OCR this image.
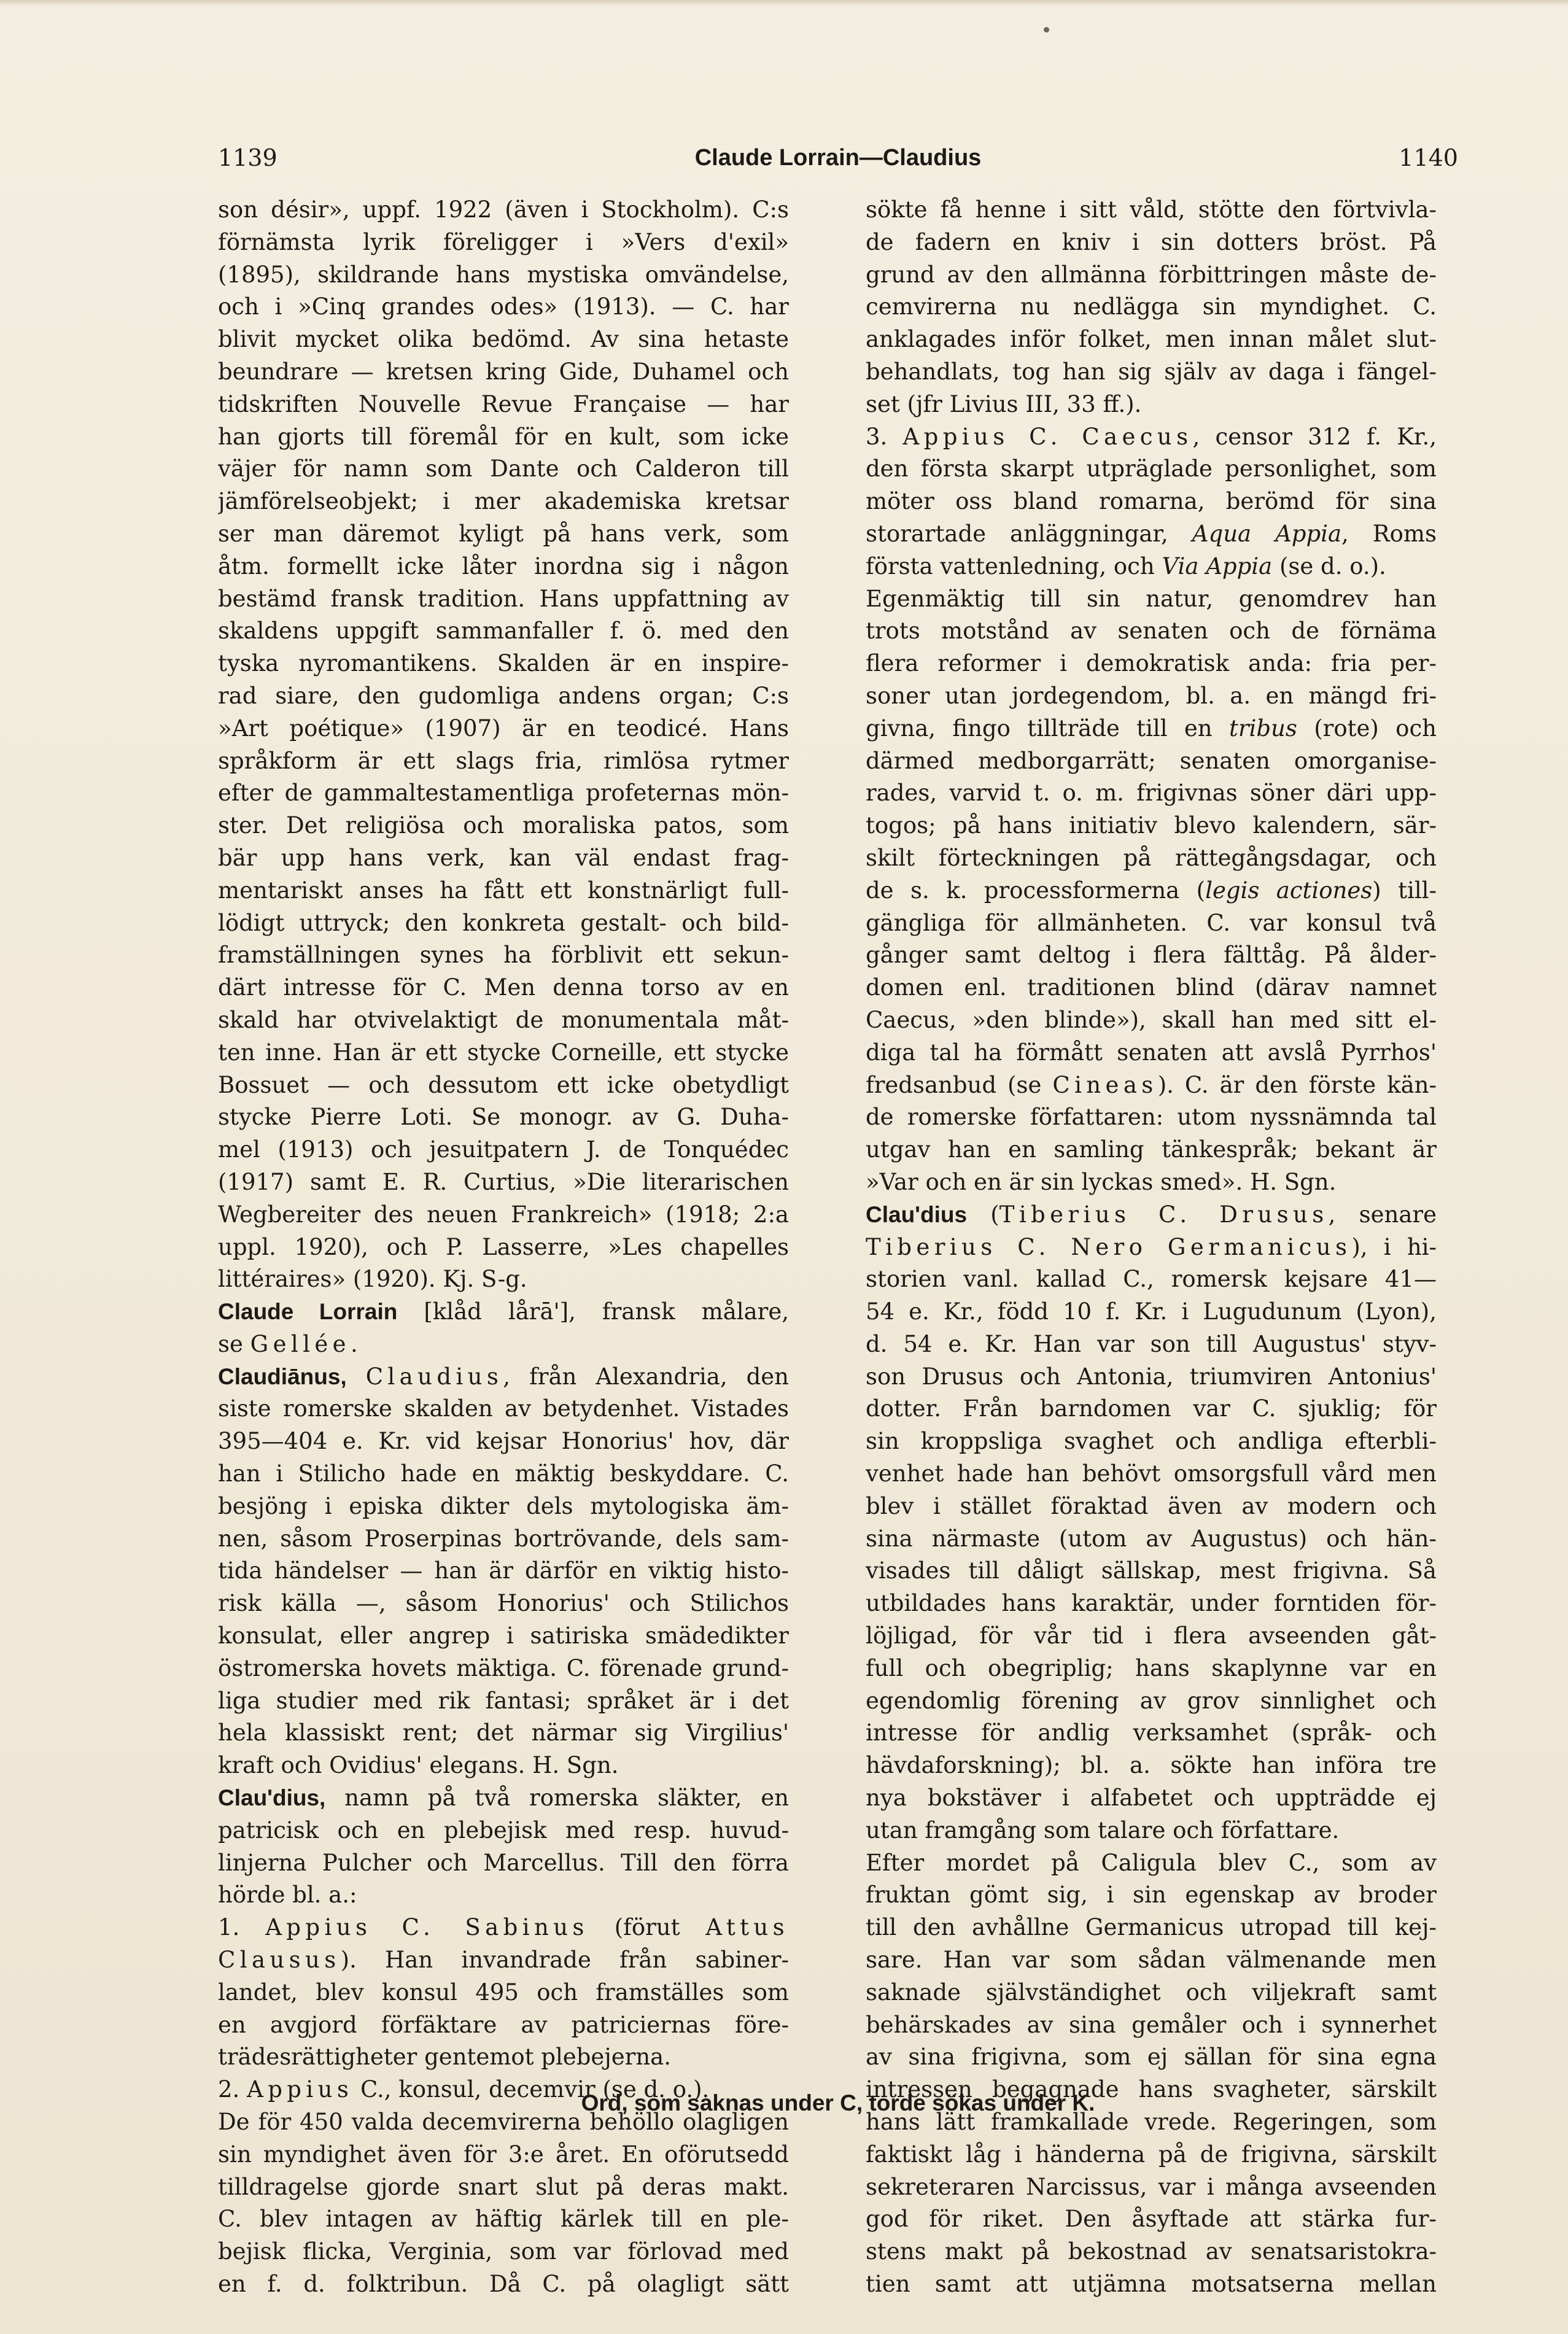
Claude Lorrain—Claudius
1139	1140
son désir», uppf. 1922 (även i Stockholm). C:s
förnämsta lyrik föreligger i »Vers d'exil»
(1895), skildrande hans mystiska omvändelse,
och i »Cinq grandes odes» (1913). — C. har
blivit mycket olika bedömd. Av sina hetaste
beundrare — kretsen kring Gide, Duhamel och
tidskriften Nouvelle Revue Française — har
han gjorts till föremål för en kult, som icke
väjer för namn som Dante och Calderon till
jämförelseobjekt; i mer akademiska kretsar
ser man däremot kyligt på hans verk, som
åtm. formellt icke låter inordna sig i någon
bestämd fransk tradition. Hans uppfattning av
skaldens uppgift sammanfaller f. ö. med den
tyska nyromantikens. Skalden är en inspire-
rad siare, den gudomliga andens organ; C:s
»Art poétique» (1907) är en teodicé. Hans
språkform är ett slags fria, rimlösa rytmer
efter de gammaltestamentliga profeternas mön-
ster. Det religiösa och moraliska patos, som
bär upp hans verk, kan väl endast frag-
mentariskt anses ha fått ett konstnärligt full-
lödigt uttryck; den konkreta gestalt- och bild-
framställningen synes ha förblivit ett sekun-
därt intresse för C. Men denna torso av en
skald har otvivelaktigt de monumentala måt-
ten inne. Han är ett stycke Corneille, ett stycke
Bossuet — och dessutom ett icke obetydligt
stycke Pierre Loti. Se monogr. av G. Duha-
mel (1913) och jesuitpatern J. de Tonquédec
(1917) samt E. R. Curtius, »Die literarischen
Wegbereiter des neuen Frankreich» (1918; 2:a
uppl. 1920), och P. Lasserre, »Les chapelles
littéraires» (1920). Kj. S-g.
Claude Lorrain [klåd lårā'], fransk målare,
se Gellée.
Claudiānus, Claudius, från Alexandria, den
siste romerske skalden av betydenhet. Vistades
395—404 e. Kr. vid kejsar Honorius' hov, där
han i Stilicho hade en mäktig beskyddare. C.
besjöng i episka dikter dels mytologiska äm-
nen, såsom Proserpinas bortrövande, dels sam-
tida händelser — han är därför en viktig histo-
risk källa —, såsom Honorius' och Stilichos
konsulat, eller angrep i satiriska smädedikter
östromerska hovets mäktiga. C. förenade grund-
liga studier med rik fantasi; språket är i det
hela klassiskt rent; det närmar sig Virgilius'
kraft och Ovidius' elegans. H. Sgn.
Clau'dius, namn på två romerska släkter, en
patricisk och en plebejisk med resp. huvud-
linjerna Pulcher och Marcellus. Till den förra
hörde bl. a.:
1. Appius C. Sabinus (förut Attus
Clausus). Han invandrade från sabiner-
landet, blev konsul 495 och framställes som
en avgjord förfäktare av patriciernas före-
trädesrättigheter gentemot plebejerna.
2. Appius C., konsul, decemvir (se d. o.).
De för 450 valda decemvirerna behöllo olagligen
sin myndighet även för 3:e året. En oförutsedd
tilldragelse gjorde snart slut på deras makt.
C. blev intagen av häftig kärlek till en ple-
bejisk flicka, Verginia, som var förlovad med
en f. d. folktribun. Då C. på olagligt sätt
sökte få henne i sitt våld, stötte den förtvivla-
de fadern en kniv i sin dotters bröst. På
grund av den allmänna förbittringen måste de-
cemvirerna nu nedlägga sin myndighet. C.
anklagades inför folket, men innan målet slut-
behandlats, tog han sig själv av daga i fängel-
set (jfr Livius III, 33 ff.).
3. Appius C. Caecus, censor 312 f. Kr.,
den första skarpt utpräglade personlighet, som
möter oss bland romarna, berömd för sina
storartade anläggningar, Aqua Appia, Roms
första vattenledning, och Via Appia (se d. o.).
Egenmäktig till sin natur, genomdrev han
trots motstånd av senaten och de förnäma
flera reformer i demokratisk anda: fria per-
soner utan jordegendom, bl. a. en mängd fri-
givna, fingo tillträde till en tribus (rote) och
därmed medborgarrätt; senaten omorganise-
rades, varvid t. o. m. frigivnas söner däri upp-
togos; på hans initiativ blevo kalendern, sär-
skilt förteckningen på rättegångsdagar, och
de s. k. processformerna (legis actiones) till-
gängliga för allmänheten. C. var konsul två
gånger samt deltog i flera fälttåg. På ålder-
domen enl. traditionen blind (därav namnet
Caecus, »den blinde»), skall han med sitt el-
diga tal ha förmått senaten att avslå Pyrrhos'
fredsanbud (se Cineas). C. är den förste kän-
de romerske författaren: utom nyssnämnda tal
utgav han en samling tänkespråk; bekant är
»Var och en är sin lyckas smed». H. Sgn.
Clau'dius (Tiberius C. Drusus, senare
Tiberius C. Nero Germanicus), i hi-
storien vanl. kallad C., romersk kejsare 41—
54 e. Kr., född 10 f. Kr. i Lugudunum (Lyon),
d. 54 e. Kr. Han var son till Augustus' styv-
son Drusus och Antonia, triumviren Antonius'
dotter. Från barndomen var C. sjuklig; för
sin kroppsliga svaghet och andliga efterbli-
venhet hade han behövt omsorgsfull vård men
blev i stället föraktad även av modern och
sina närmaste (utom av Augustus) och hän-
visades till dåligt sällskap, mest frigivna. Så
utbildades hans karaktär, under forntiden för-
löjligad, för vår tid i flera avseenden gåt-
full och obegriplig; hans skaplynne var en
egendomlig förening av grov sinnlighet och
intresse för andlig verksamhet (språk- och
hävdaforskning); bl. a. sökte han införa tre
nya bokstäver i alfabetet och uppträdde ej
utan framgång som talare och författare.
Efter mordet på Caligula blev C., som av
fruktan gömt sig, i sin egenskap av broder
till den avhållne Germanicus utropad till kej-
sare. Han var som sådan välmenande men
saknade självständighet och viljekraft samt
behärskades av sina gemåler och i synnerhet
av sina frigivna, som ej sällan för sina egna
intressen begagnade hans svagheter, särskilt
hans lätt framkallade vrede. Regeringen, som
faktiskt låg i händerna på de frigivna, särskilt
sekreteraren Narcissus, var i många avseenden
god för riket. Den åsyftade att stärka fur-
stens makt på bekostnad av senatsaristokra-
tien samt att utjämna motsatserna mellan
Ord, som saknas under C, torde sökas under K.
